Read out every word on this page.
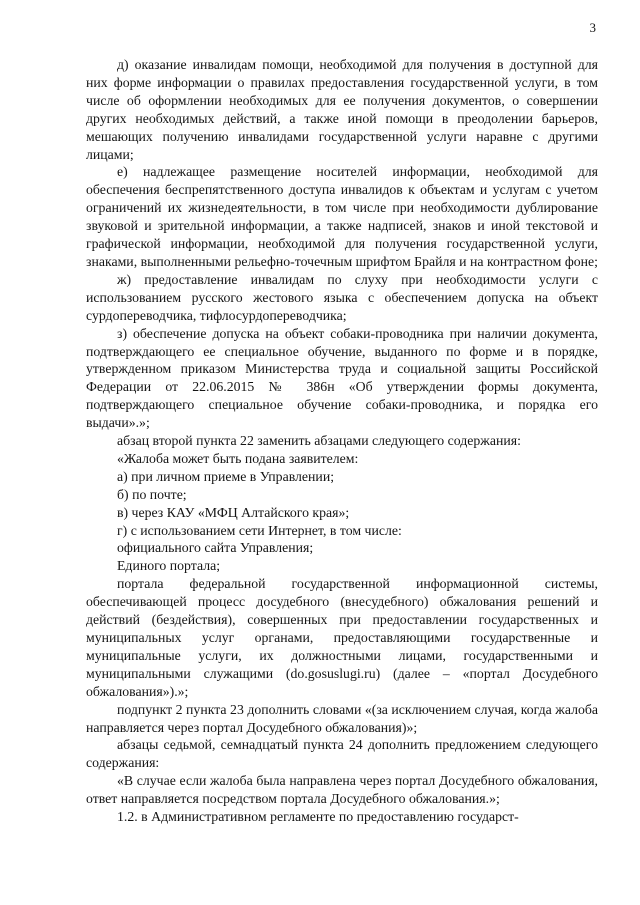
3

д) оказание инвалидам помощи, необходимой для получения в доступной для них форме информации о правилах предоставления государственной услуги, в том числе об оформлении необходимых для ее получения документов, о совершении других необходимых действий, а также иной помощи в преодолении барьеров, мешающих получению инвалидами государственной услуги наравне с другими лицами;

е) надлежащее размещение носителей информации, необходимой для обеспечения беспрепятственного доступа инвалидов к объектам и услугам с учетом ограничений их жизнедеятельности, в том числе при необходимости дублирование звуковой и зрительной информации, а также надписей, знаков и иной текстовой и графической информации, необходимой для получения государственной услуги, знаками, выполненными рельефно-точечным шрифтом Брайля и на контрастном фоне;

ж) предоставление инвалидам по слуху при необходимости услуги с использованием русского жестового языка с обеспечением допуска на объект сурдопереводчика, тифлосурдопереводчика;

з) обеспечение допуска на объект собаки-проводника при наличии документа, подтверждающего ее специальное обучение, выданного по форме и в порядке, утвержденном приказом Министерства труда и социальной защиты Российской Федерации от 22.06.2015 № 386н «Об утверждении формы документа, подтверждающего специальное обучение собаки-проводника, и порядка его выдачи».»;

абзац второй пункта 22 заменить абзацами следующего содержания:

«Жалоба может быть подана заявителем:

а) при личном приеме в Управлении;

б) по почте;

в) через КАУ «МФЦ Алтайского края»;

г) с использованием сети Интернет, в том числе:

официального сайта Управления;

Единого портала;

портала федеральной государственной информационной системы, обеспечивающей процесс досудебного (внесудебного) обжалования решений и действий (бездействия), совершенных при предоставлении государственных и муниципальных услуг органами, предоставляющими государственные и муниципальные услуги, их должностными лицами, государственными и муниципальными служащими (do.gosuslugi.ru) (далее – «портал Досудебного обжалования»).»;

подпункт 2 пункта 23 дополнить словами «(за исключением случая, когда жалоба направляется через портал Досудебного обжалования)»;

абзацы седьмой, семнадцатый пункта 24 дополнить предложением следующего содержания:

«В случае если жалоба была направлена через портал Досудебного обжалования, ответ направляется посредством портала Досудебного обжалования.»;

1.2. в Административном регламенте по предоставлению государст-
